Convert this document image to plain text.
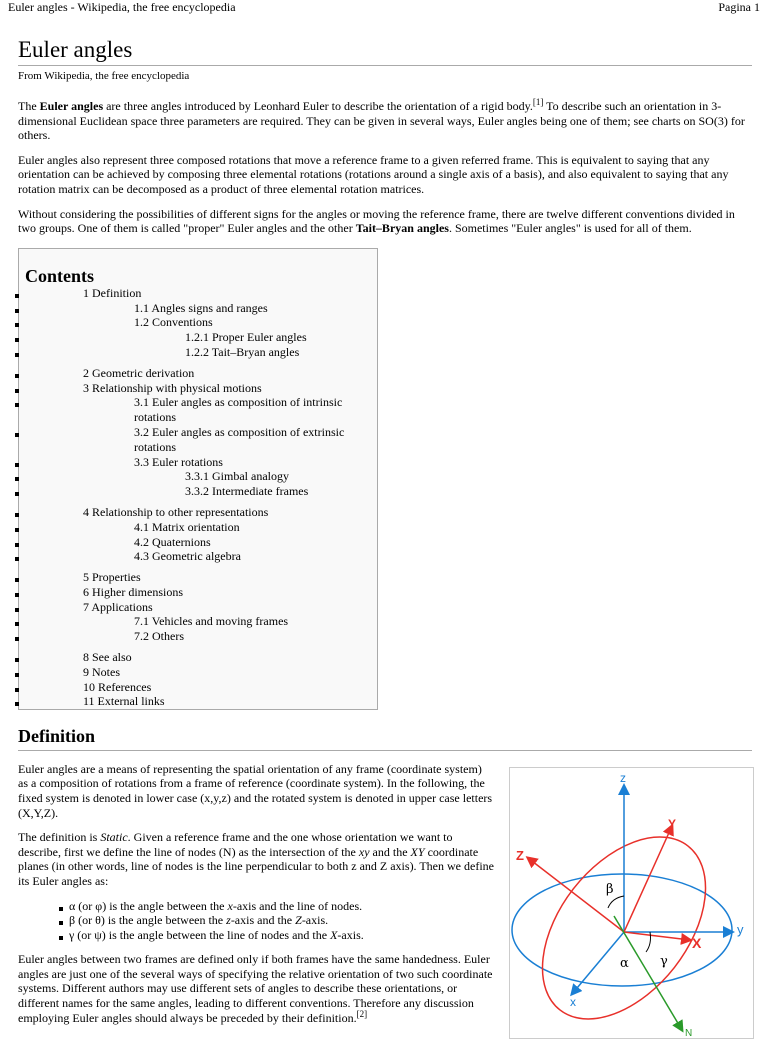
Euler angles - Wikipedia, the free encyclopedia	Pagina 1
Euler angles
From Wikipedia, the free encyclopedia

The Euler angles are three angles introduced by Leonhard Euler to describe the orientation of a rigid body.[1] To describe such an orientation in 3-dimensional Euclidean space three parameters are required. They can be given in several ways, Euler angles being one of them; see charts on SO(3) for others.

Euler angles also represent three composed rotations that move a reference frame to a given referred frame. This is equivalent to saying that any orientation can be achieved by composing three elemental rotations (rotations around a single axis of a basis), and also equivalent to saying that any rotation matrix can be decomposed as a product of three elemental rotation matrices.

Without considering the possibilities of different signs for the angles or moving the reference frame, there are twelve different conventions divided in two groups. One of them is called "proper" Euler angles and the other Tait–Bryan angles. Sometimes "Euler angles" is used for all of them.

Contents
1 Definition
1.1 Angles signs and ranges
1.2 Conventions
1.2.1 Proper Euler angles
1.2.2 Tait–Bryan angles
2 Geometric derivation
3 Relationship with physical motions
3.1 Euler angles as composition of intrinsic rotations
3.2 Euler angles as composition of extrinsic rotations
3.3 Euler rotations
3.3.1 Gimbal analogy
3.3.2 Intermediate frames
4 Relationship to other representations
4.1 Matrix orientation
4.2 Quaternions
4.3 Geometric algebra
5 Properties
6 Higher dimensions
7 Applications
7.1 Vehicles and moving frames
7.2 Others
8 See also
9 Notes
10 References
11 External links
Definition

Euler angles are a means of representing the spatial orientation of any frame (coordinate system) as a composition of rotations from a frame of reference (coordinate system). In the following, the fixed system is denoted in lower case (x,y,z) and the rotated system is denoted in upper case letters (X,Y,Z).

The definition is Static. Given a reference frame and the one whose orientation we want to describe, first we define the line of nodes (N) as the intersection of the xy and the XY coordinate planes (in other words, line of nodes is the line perpendicular to both z and Z axis). Then we define its Euler angles as:

α (or φ) is the angle between the x-axis and the line of nodes.
β (or θ) is the angle between the z-axis and the Z-axis.
γ (or ψ) is the angle between the line of nodes and the X-axis.

Euler angles between two frames are defined only if both frames have the same handedness. Euler angles are just one of the several ways of specifying the relative orientation of two such coordinate systems. Different authors may use different sets of angles to describe these orientations, or different names for the same angles, leading to different conventions. Therefore any discussion employing Euler angles should always be preceded by their definition.[2]

z
Z
Y
y
X
x
β
α γ
N
